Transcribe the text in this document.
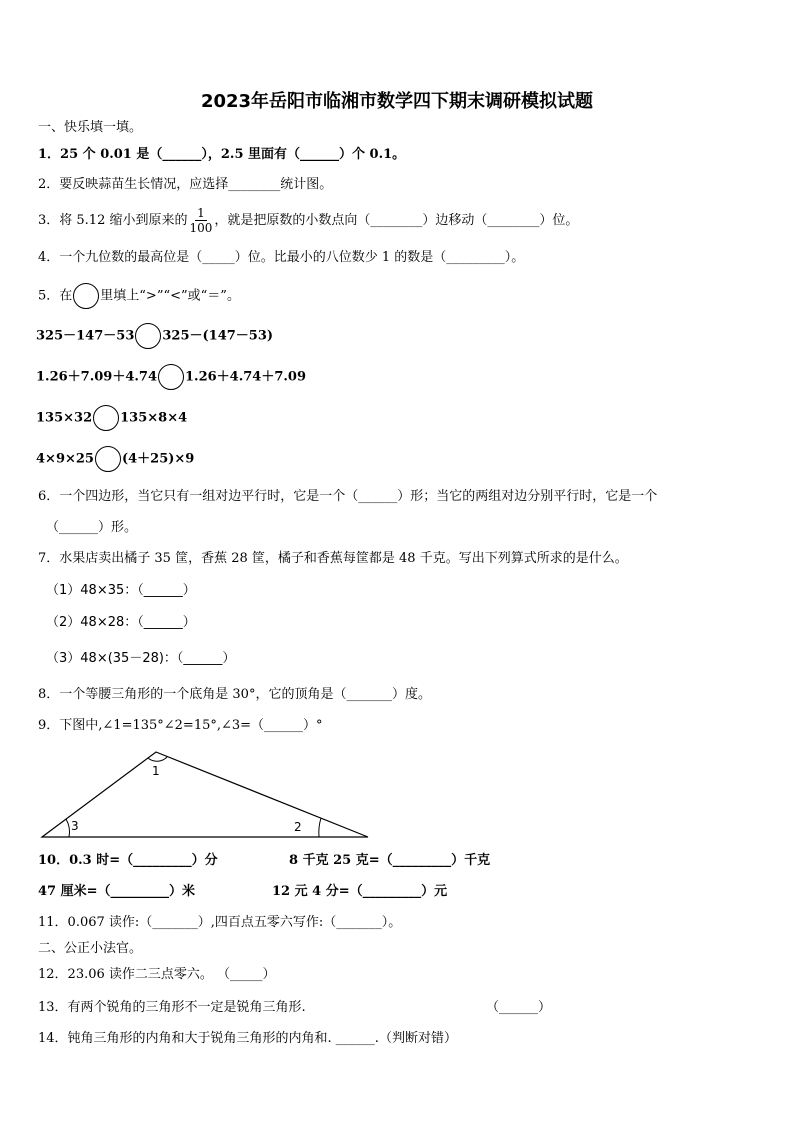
2023年岳阳市临湘市数学四下期末调研模拟试题
一、快乐填一填。
1．25 个 0.01 是（______），2.5 里面有（______）个 0.1。
2．要反映蒜苗生长情况，应选择________统计图。
3．将 5.12 缩小到原来的 $\frac{1}{100}$ ，就是把原数的小数点向（________）边移动（________）位。
4．一个九位数的最高位是（_____）位。比最小的八位数少 1 的数是（_________）。
5．在 里填上“>”“<”或“＝”。
325－147－53 325－(147－53)
1.26＋7.09＋4.74 1.26＋4.74＋7.09
135×32 135×8×4
4×9×25 (4＋25)×9
6．一个四边形，当它只有一组对边平行时，它是一个（______）形；当它的两组对边分别平行时，它是一个
（______）形。
7．水果店卖出橘子 35 筐，香蕉 28 筐，橘子和香蕉每筐都是 48 千克。写出下列算式所求的是什么。
（1）48×35：（______）
（2）48×28：（______）
（3）48×(35－28)：（______）
8．一个等腰三角形的一个底角是 30°，它的顶角是（_______）度。
9．下图中,∠1=135°∠2=15°,∠3=（______）°
1
3	2
10．0.3 时=（_________）分	8 千克 25 克=（_________）千克
47 厘米=（_________）米	12 元 4 分=（_________）元
11．0.067 读作:（_______）,四百点五零六写作:（_______）。
二、公正小法官。
12．23.06 读作二三点零六。 （_____）
13．有两个锐角的三角形不一定是锐角三角形.	（______）
14．钝角三角形的内角和大于锐角三角形的内角和. ______.（判断对错）
